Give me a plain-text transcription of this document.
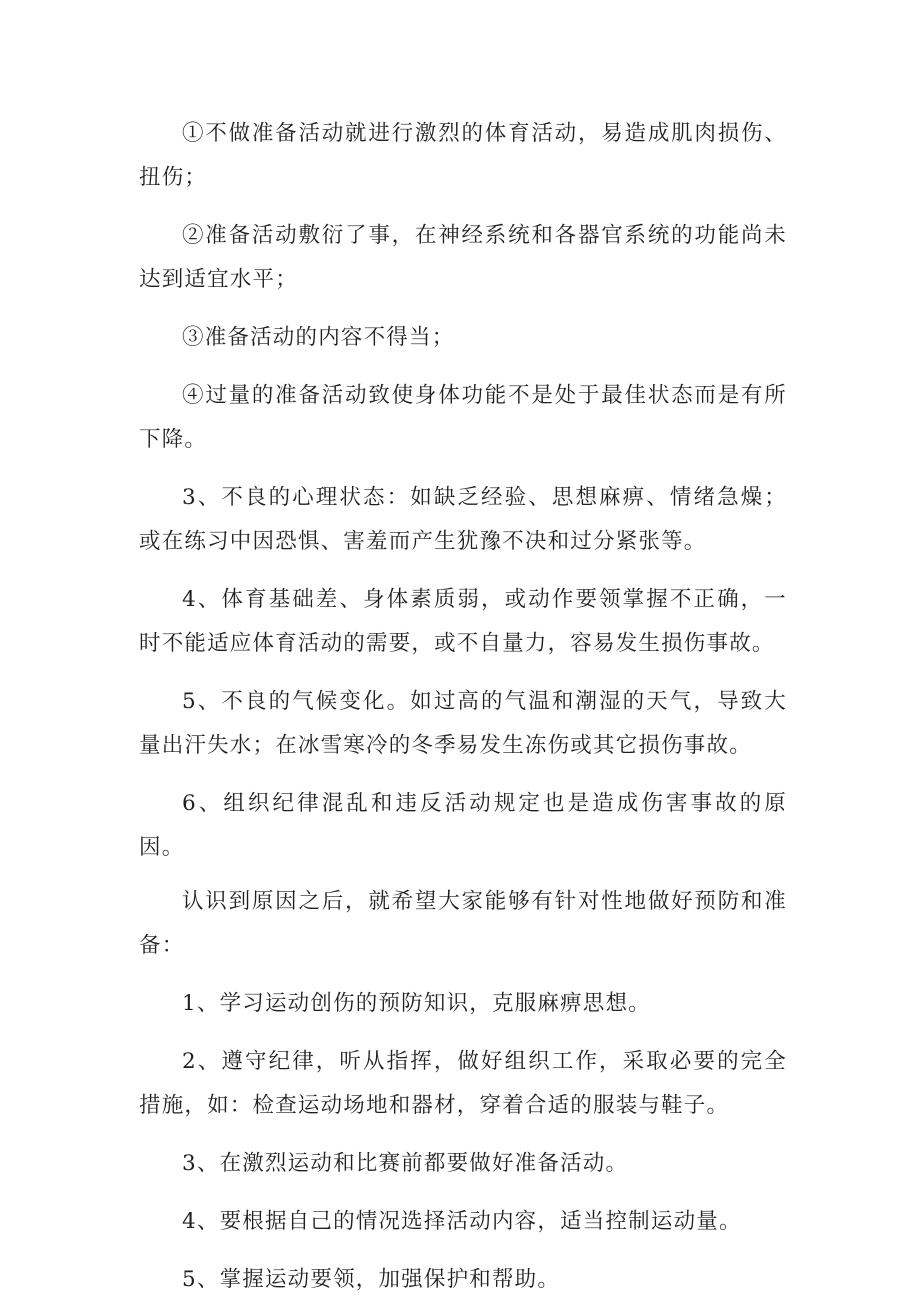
①不做准备活动就进行激烈的体育活动，易造成肌肉损伤、扭伤；

②准备活动敷衍了事，在神经系统和各器官系统的功能尚未达到适宜水平；

③准备活动的内容不得当；

④过量的准备活动致使身体功能不是处于最佳状态而是有所下降。

3、不良的心理状态：如缺乏经验、思想麻痹、情绪急燥；或在练习中因恐惧、害羞而产生犹豫不决和过分紧张等。

4、体育基础差、身体素质弱，或动作要领掌握不正确，一时不能适应体育活动的需要，或不自量力，容易发生损伤事故。

5、不良的气候变化。如过高的气温和潮湿的天气，导致大量出汗失水；在冰雪寒冷的冬季易发生冻伤或其它损伤事故。

6、组织纪律混乱和违反活动规定也是造成伤害事故的原因。

认识到原因之后，就希望大家能够有针对性地做好预防和准备：

1、学习运动创伤的预防知识，克服麻痹思想。

2、遵守纪律，听从指挥，做好组织工作，采取必要的完全措施，如：检查运动场地和器材，穿着合适的服装与鞋子。

3、在激烈运动和比赛前都要做好准备活动。

4、要根据自己的情况选择活动内容，适当控制运动量。

5、掌握运动要领，加强保护和帮助。
